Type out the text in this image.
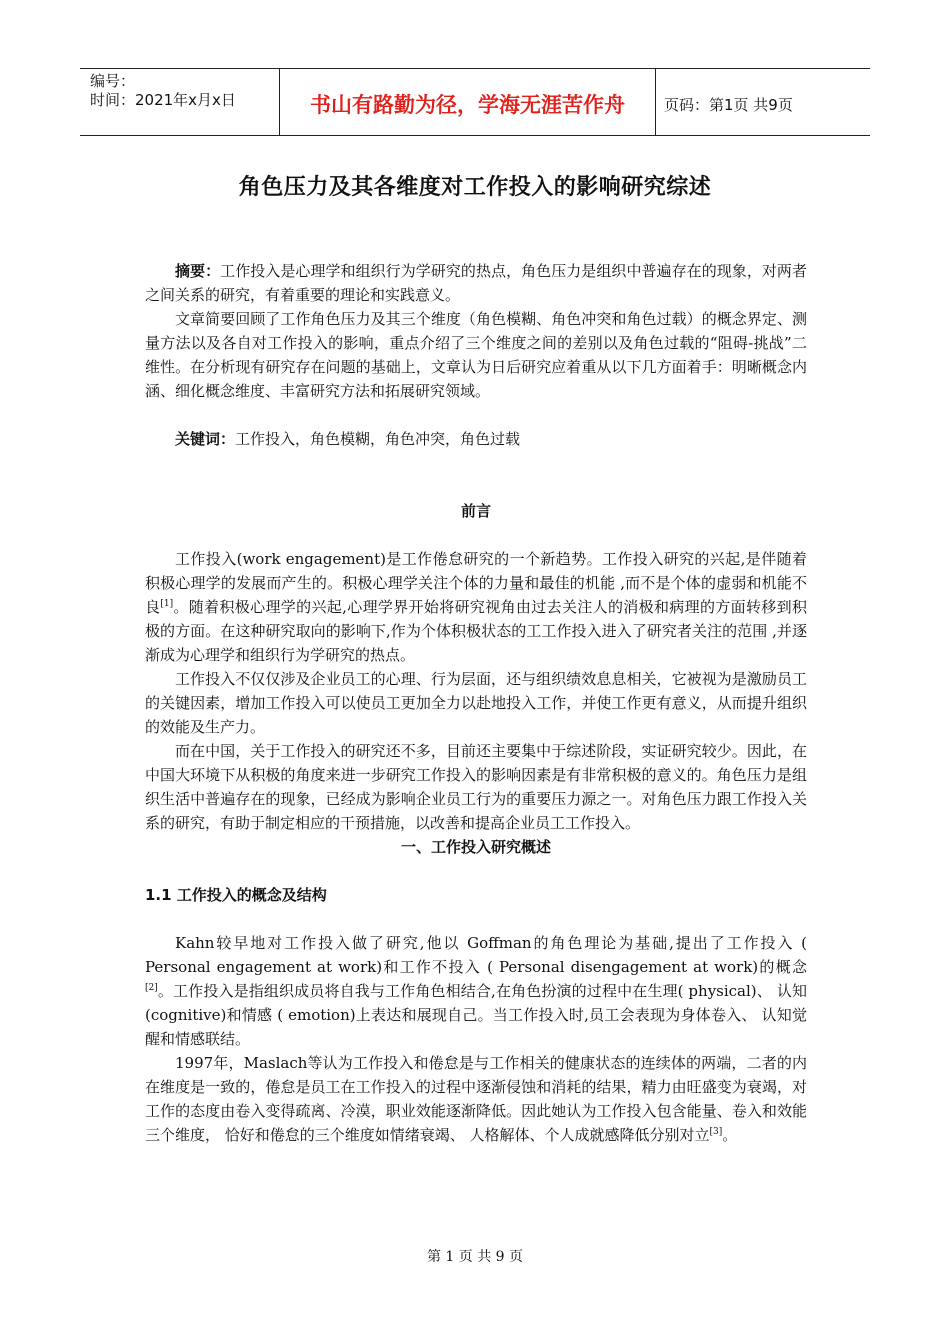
编号：
时间：2021年x月x日	书山有路勤为径，学海无涯苦作舟	页码：第1页 共9页
角色压力及其各维度对工作投入的影响研究综述

摘要：工作投入是心理学和组织行为学研究的热点，角色压力是组织中普遍存在的现象，对两者之间关系的研究，有着重要的理论和实践意义。

文章简要回顾了工作角色压力及其三个维度（角色模糊、角色冲突和角色过载）的概念界定、测量方法以及各自对工作投入的影响，重点介绍了三个维度之间的差别以及角色过载的“阻碍-挑战”二维性。在分析现有研究存在问题的基础上，文章认为日后研究应着重从以下几方面着手：明晰概念内涵、细化概念维度、丰富研究方法和拓展研究领域。

关键词：工作投入，角色模糊，角色冲突，角色过载

前言

工作投入(work engagement)是工作倦怠研究的一个新趋势。工作投入研究的兴起,是伴随着积极心理学的发展而产生的。积极心理学关注个体的力量和最佳的机能 ,而不是个体的虚弱和机能不良[1]。随着积极心理学的兴起,心理学界开始将研究视角由过去关注人的消极和病理的方面转移到积极的方面。在这种研究取向的影响下,作为个体积极状态的工工作投入进入了研究者关注的范围 ,并逐渐成为心理学和组织行为学研究的热点。

工作投入不仅仅涉及企业员工的心理、行为层面，还与组织绩效息息相关，它被视为是激励员工的关键因素，增加工作投入可以使员工更加全力以赴地投入工作，并使工作更有意义，从而提升组织的效能及生产力。

而在中国，关于工作投入的研究还不多，目前还主要集中于综述阶段，实证研究较少。因此，在中国大环境下从积极的角度来进一步研究工作投入的影响因素是有非常积极的意义的。角色压力是组织生活中普遍存在的现象，已经成为影响企业员工行为的重要压力源之一。对角色压力跟工作投入关系的研究，有助于制定相应的干预措施，以改善和提高企业员工工作投入。

一、工作投入研究概述

1.1 工作投入的概念及结构

Kahn较早地对工作投入做了研究,他以 Goffman的角色理论为基础,提出了工作投入 ( Personal engagement at work)和工作不投入 ( Personal disengagement at work)的概念[2]。工作投入是指组织成员将自我与工作角色相结合,在角色扮演的过程中在生理( physical)、 认知 (cognitive)和情感 ( emotion)上表达和展现自己。当工作投入时,员工会表现为身体卷入、 认知觉醒和情感联结。

1997年，Maslach等认为工作投入和倦怠是与工作相关的健康状态的连续体的两端，二者的内在维度是一致的，倦怠是员工在工作投入的过程中逐渐侵蚀和消耗的结果，精力由旺盛变为衰竭，对工作的态度由卷入变得疏离、冷漠，职业效能逐渐降低。因此她认为工作投入包含能量、卷入和效能三个维度， 恰好和倦怠的三个维度如情绪衰竭、 人格解体、个人成就感降低分别对立[3]。

第 1 页 共 9 页
